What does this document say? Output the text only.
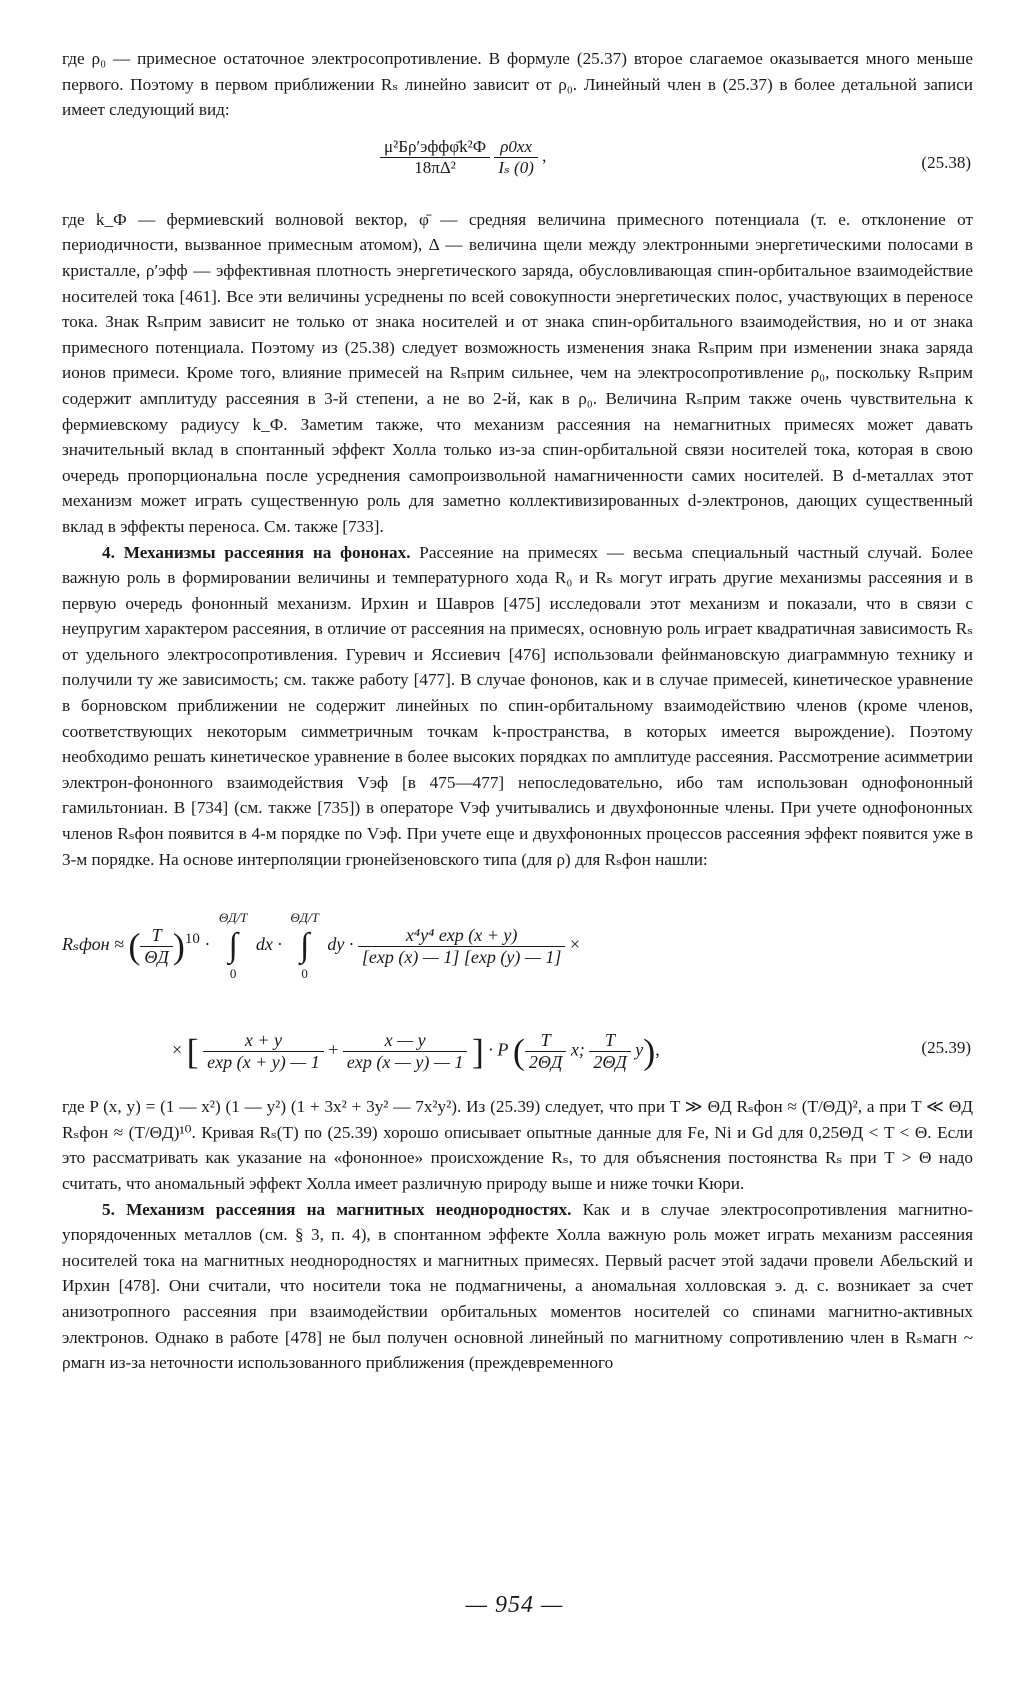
где ρ₀ — примесное остаточное электросопротивление. В формуле (25.37) второе слагаемое оказывается много меньше первого. Поэтому в первом приближении Rₛ линейно зависит от ρ₀. Линейный член в (25.37) в более детальной записи имеет следующий вид:

$\frac{\text{μ²Бρ′эффφ̄k²Ф}}{\text{18πΔ²}}$
$\frac{\rho 0xx}{\text{Iₛ (0)}}$ ,	(25.38)

где k_Ф — фермиевский волновой вектор, φ̄ — средняя величина примесного потенциала (т. е. отклонение от периодичности, вызванное примесным атомом), Δ — величина щели между электронными энергетическими полосами в кристалле, ρ′эфф — эффективная плотность энергетического заряда, обусловливающая спин-орбитальное взаимодействие носителей тока [461]. Все эти величины усреднены по всей совокупности энергетических полос, участвующих в переносе тока. Знак Rₛприм зависит не только от знака носителей и от знака спин-орбитального взаимодействия, но и от знака примесного потенциала. Поэтому из (25.38) следует возможность изменения знака Rₛприм при изменении знака заряда ионов примеси. Кроме того, влияние примесей на Rₛприм сильнее, чем на электросопротивление ρ₀, поскольку Rₛприм содержит амплитуду рассеяния в 3-й степени, а не во 2-й, как в ρ₀. Величина Rₛприм также очень чувствительна к фермиевскому радиусу k_Ф. Заметим также, что механизм рассеяния на немагнитных примесях может давать значительный вклад в спонтанный эффект Холла только из-за спин-орбитальной связи носителей тока, которая в свою очередь пропорциональна после усреднения самопроизвольной намагниченности самих носителей. В d-металлах этот механизм может играть существенную роль для заметно коллективизированных d-электронов, дающих существенный вклад в эффекты переноса. См. также [733].

4. Механизмы рассеяния на фононах. Рассеяние на примесях — весьма специальный частный случай. Более важную роль в формировании величины и температурного хода R₀ и Rₛ могут играть другие механизмы рассеяния и в первую очередь фононный механизм. Ирхин и Шавров [475] исследовали этот механизм и показали, что в связи с неупругим характером рассеяния, в отличие от рассеяния на примесях, основную роль играет квадратичная зависимость Rₛ от удельного электросопротивления. Гуревич и Яссиевич [476] использовали фейнмановскую диаграммную технику и получили ту же зависимость; см. также работу [477]. В случае фононов, как и в случае примесей, кинетическое уравнение в борновском приближении не содержит линейных по спин-орбитальному взаимодействию членов (кроме членов, соответствующих некоторым симметричным точкам k-пространства, в которых имеется вырождение). Поэтому необходимо решать кинетическое уравнение в более высоких порядках по амплитуде рассеяния. Рассмотрение асимметрии электрон-фононного взаимодействия Vэф [в 475—477] непоследовательно, ибо там использован однофононный гамильтониан. В [734] (см. также [735]) в операторе Vэф учитывались и двухфононные члены. При учете однофононных членов Rₛфон появится в 4-м порядке по Vэф. При учете еще и двухфононных процессов рассеяния эффект появится уже в 3-м порядке. На основе интерполяции грюнейзеновского типа (для ρ) для Rₛфон нашли:

Rₛфон ≈ ( $\frac{T}{\Theta Д} )^{10}$ ·
ΘД/T
∫
0
dx ·
ΘД/T
∫
0
dy · $\frac{\text{x⁴y⁴ exp (x + y)}}{[\exp (x) — 1] [\exp (y) — 1]}$ ×
× [ $\frac{x + y}{\exp (x + y) — 1} + \frac{x — y}{\exp (x — y) — 1}$ ] · P ( $\frac{T}{2\Theta Д} x$; $\frac{T}{2\Theta Д} y$),	(25.39)

где P (x, y) = (1 — x²) (1 — y²) (1 + 3x² + 3y² — 7x²y²). Из (25.39) следует, что при T ≫ ΘД Rₛфон ≈ (T/ΘД)², а при T ≪ ΘД Rₛфон ≈ (T/ΘД)¹⁰. Кривая Rₛ(T) по (25.39) хорошо описывает опытные данные для Fe, Ni и Gd для 0,25ΘД < T < Θ. Если это рассматривать как указание на «фононное» происхождение Rₛ, то для объяснения постоянства Rₛ при T > Θ надо считать, что аномальный эффект Холла имеет различную природу выше и ниже точки Кюри.

5. Механизм рассеяния на магнитных неоднородностях. Как и в случае электросопротивления магнитно-упорядоченных металлов (см. § 3, п. 4), в спонтанном эффекте Холла важную роль может играть механизм рассеяния носителей тока на магнитных неоднородностях и магнитных примесях. Первый расчет этой задачи провели Абельский и Ирхин [478]. Они считали, что носители тока не подмагничены, а аномальная холловская э. д. с. возникает за счет анизотропного рассеяния при взаимодействии орбитальных моментов носителей со спинами магнитно-активных электронов. Однако в работе [478] не был получен основной линейный по магнитному сопротивлению член в Rₛмагн ~ ρмагн из-за неточности использованного приближения (преждевременного

— 954 —
